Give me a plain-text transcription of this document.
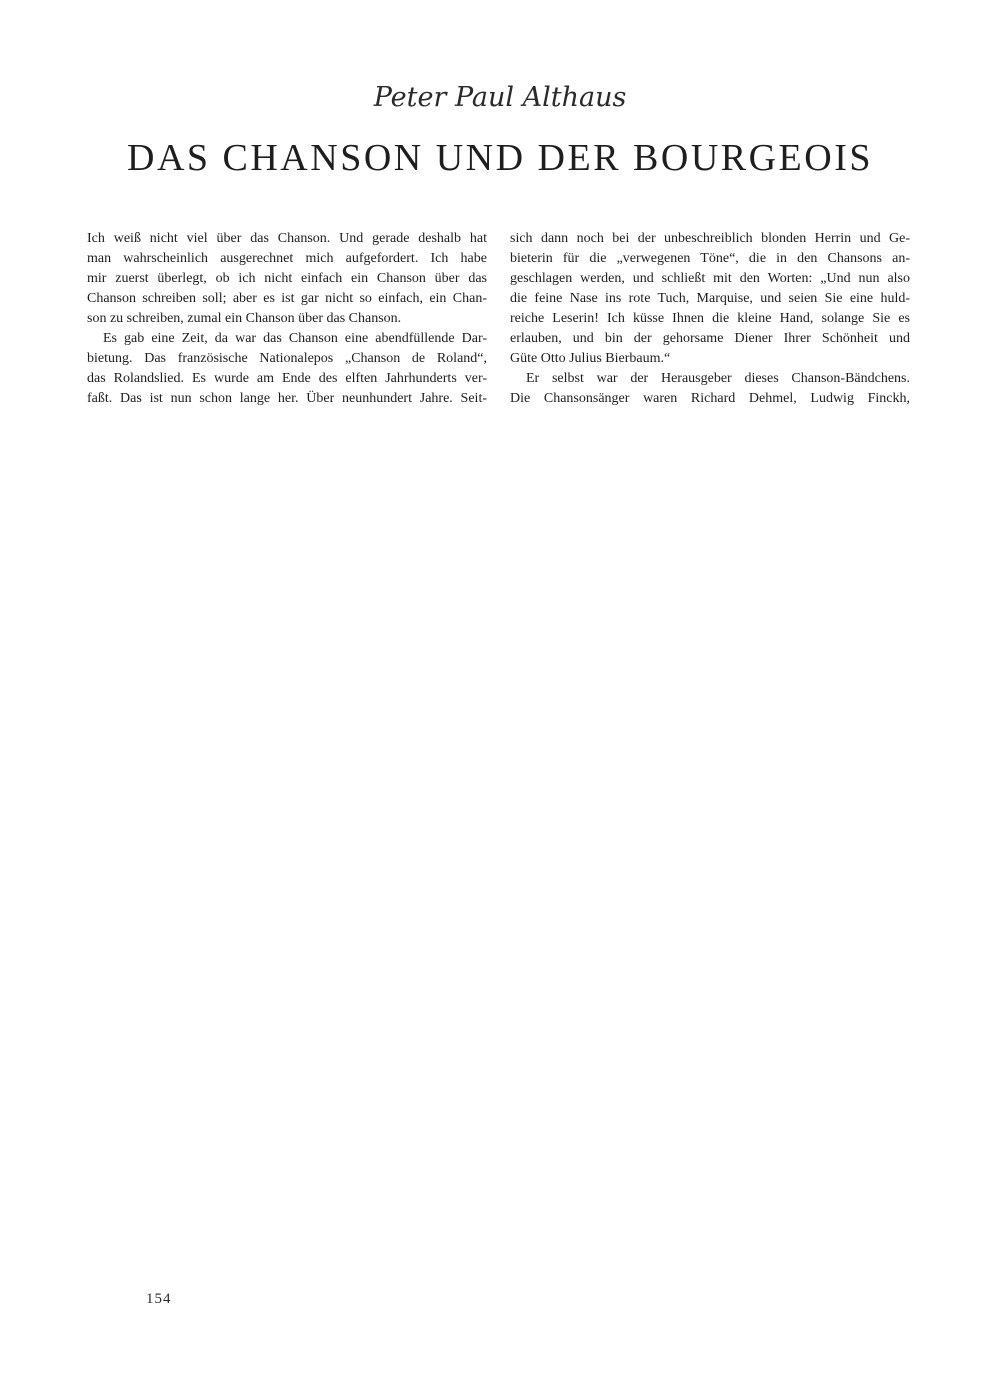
Peter Paul Althaus
DAS CHANSON UND DER BOURGEOIS
Ich weiß nicht viel über das Chanson. Und gerade deshalb hat
man wahrscheinlich ausgerechnet mich aufgefordert. Ich habe
mir zuerst überlegt, ob ich nicht einfach ein Chanson über das
Chanson schreiben soll; aber es ist gar nicht so einfach, ein Chan-
son zu schreiben, zumal ein Chanson über das Chanson.
Es gab eine Zeit, da war das Chanson eine abendfüllende Dar-
bietung. Das französische Nationalepos „Chanson de Roland“,
das Rolandslied. Es wurde am Ende des elften Jahrhunderts ver-
faßt. Das ist nun schon lange her. Über neunhundert Jahre. Seit-
sich dann noch bei der unbeschreiblich blonden Herrin und Ge-
bieterin für die „verwegenen Töne“, die in den Chansons an-
geschlagen werden, und schließt mit den Worten: „Und nun also
die feine Nase ins rote Tuch, Marquise, und seien Sie eine huld-
reiche Leserin! Ich küsse Ihnen die kleine Hand, solange Sie es
erlauben, und bin der gehorsame Diener Ihrer Schönheit und
Güte Otto Julius Bierbaum.“
Er selbst war der Herausgeber dieses Chanson-Bändchens.
Die Chansonsänger waren Richard Dehmel, Ludwig Finckh,
154
